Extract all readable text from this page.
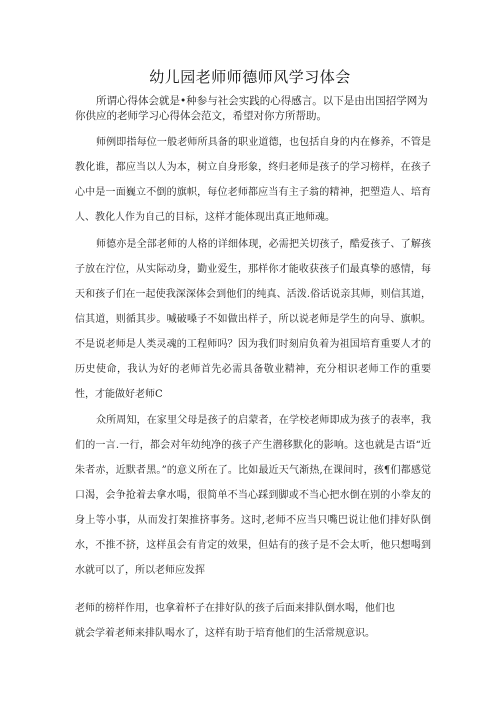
幼儿园老师师德师风学习体会
所谓心得体会就是•种参与社会实践的心得感言。以下是由出国招学网为你供应的老师学习心得体会范文，希望对你方所帮助。
师例即指每位一般老师所具备的职业道德，也包括自身的内在修养，不管是教化谁，都应当以人为本，树立自身形象，终归老师是孩子的学习榜样，在孩子心中是一面巍立不倒的旗帜，每位老师都应当有主子翁的精神，把塑造人、培育人、教化人作为自己的目标，这样才能体现出真正地师魂。
师德亦是全部老师的人格的详细体现，必需把关切孩子，酷爱孩子、了解孩子放在泞位，从实际动身，勤业爱生，那样你才能收获孩子们最真挚的感情，每天和孩子们在一起使我深深体会到他们的纯真、活泼.俗话说亲其师，则信其道，信其道，则循其步。喊破嗓子不如做出样子，所以说老师是学生的向导、旗帜。不是说老师是人类灵魂的工程师吗？因为我们时刻肩负着为祖国培育重要人才的历史使命，我认为好的老师首先必需具备敬业精神，充分相识老师工作的重要性，才能做好老师C
众所周知，在家里父母是孩子的启蒙者，在学校老师即成为孩子的表率，我们的一言.一行，都会对年幼纯净的孩子产生潜移默化的影响。这也就是古语“近朱者赤，近默者黑。”的意义所在了。比如最近天气渐热,在课间时，孩¶们都感觉口渴，会争抢着去拿水喝，很简单不当心踩到脚或不当心把水倒在别的小拳友的身上等小事，从而发打架推挤事务。这时,老师不应当只嘴巴说让他们排好队倒水，不推不挤，这样虽会有肯定的效果，但姑有的孩子是不会太听，他只想喝到水就可以了，所以老师应发挥
老师的榜样作用，也拿着杯子在排好队的孩子后面来排队倒水喝，他们也
就会学着老师来排队喝水了，这样有助于培育他们的生活常规意识。
